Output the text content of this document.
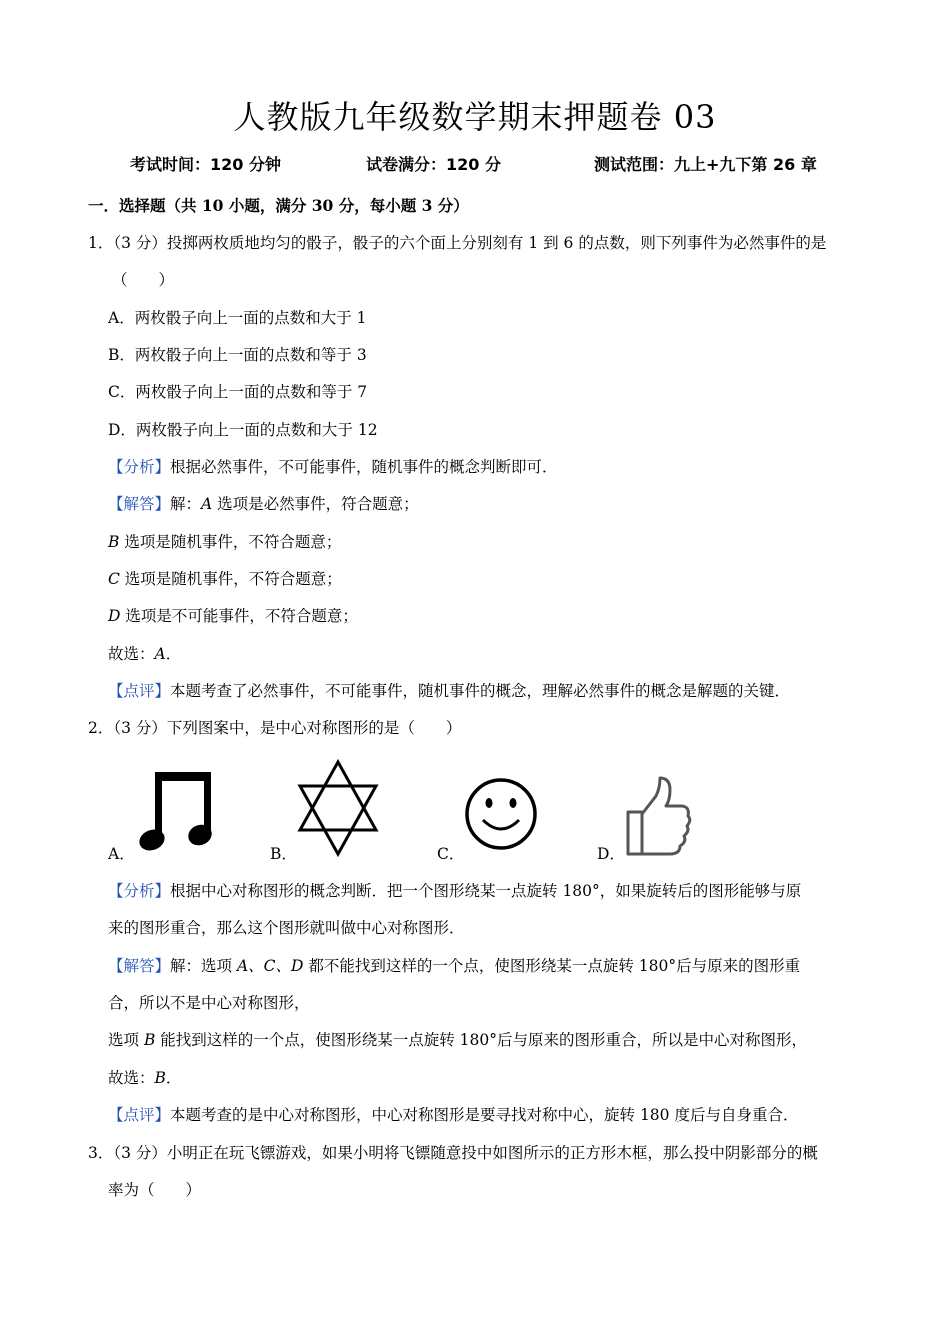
人教版九年级数学期末押题卷 03
考试时间：120 分钟	试卷满分：120 分	测试范围：九上+九下第 26 章
一．选择题（共 10 小题，满分 30 分，每小题 3 分）
1．（3 分）投掷两枚质地均匀的骰子，骰子的六个面上分别刻有 1 到 6 的点数，则下列事件为必然事件的是
（　　）
A．两枚骰子向上一面的点数和大于 1
B．两枚骰子向上一面的点数和等于 3
C．两枚骰子向上一面的点数和等于 7
D．两枚骰子向上一面的点数和大于 12
【分析】根据必然事件，不可能事件，随机事件的概念判断即可．
【解答】解：A 选项是必然事件，符合题意；
B 选项是随机事件，不符合题意；
C 选项是随机事件，不符合题意；
D 选项是不可能事件，不符合题意；
故选：A．
【点评】本题考查了必然事件，不可能事件，随机事件的概念，理解必然事件的概念是解题的关键．
2．（3 分）下列图案中，是中心对称图形的是（　　）
A．	B．	C．	D．
【分析】根据中心对称图形的概念判断．把一个图形绕某一点旋转 180°，如果旋转后的图形能够与原
来的图形重合，那么这个图形就叫做中心对称图形．
【解答】解：选项 A、C、D 都不能找到这样的一个点，使图形绕某一点旋转 180°后与原来的图形重
合，所以不是中心对称图形，
选项 B 能找到这样的一个点，使图形绕某一点旋转 180°后与原来的图形重合，所以是中心对称图形，
故选：B．
【点评】本题考查的是中心对称图形，中心对称图形是要寻找对称中心，旋转 180 度后与自身重合．
3．（3 分）小明正在玩飞镖游戏，如果小明将飞镖随意投中如图所示的正方形木框，那么投中阴影部分的概
率为（　　）
